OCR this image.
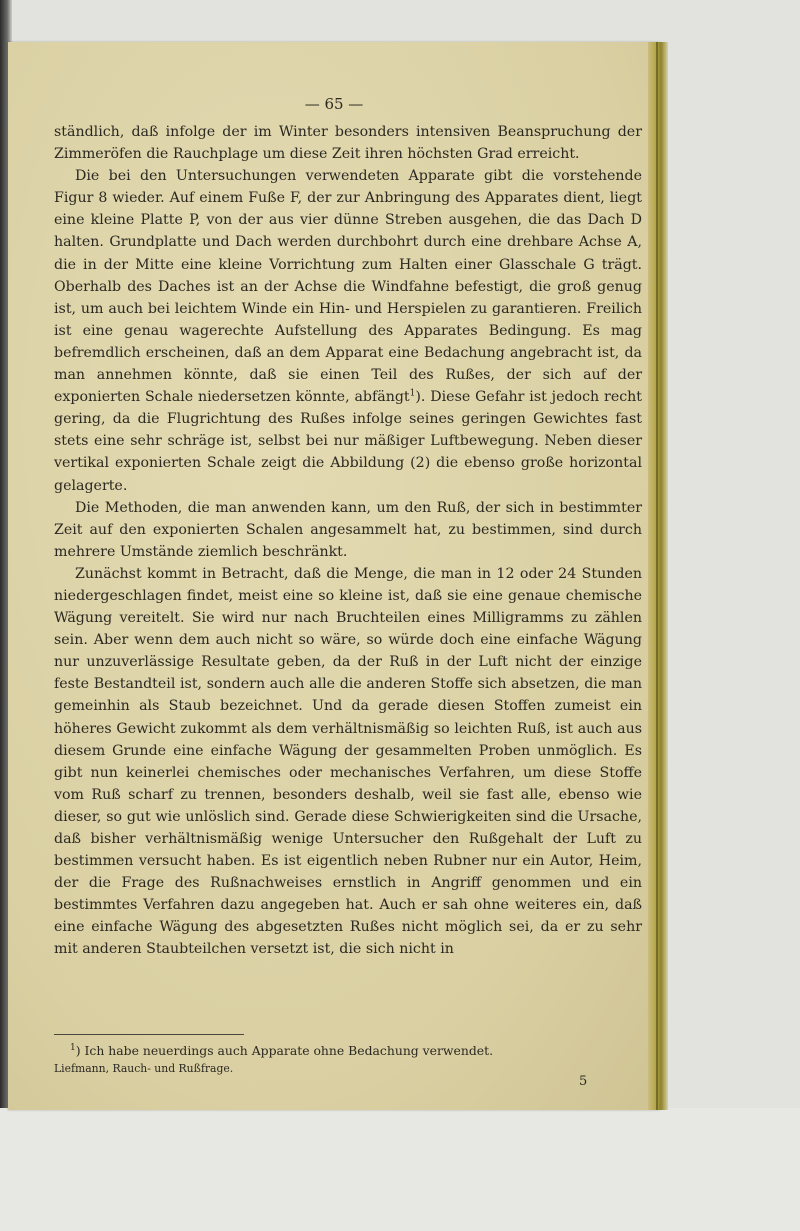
— 65 —

ständlich, daß infolge der im Winter besonders intensiven Beanspruchung der Zimmeröfen die Rauchplage um diese Zeit ihren höchsten Grad erreicht.

Die bei den Untersuchungen verwendeten Apparate gibt die vorstehende Figur 8 wieder. Auf einem Fuße F, der zur Anbringung des Apparates dient, liegt eine kleine Platte P, von der aus vier dünne Streben ausgehen, die das Dach D halten. Grundplatte und Dach werden durchbohrt durch eine drehbare Achse A, die in der Mitte eine kleine Vorrichtung zum Halten einer Glasschale G trägt. Oberhalb des Daches ist an der Achse die Windfahne befestigt, die groß genug ist, um auch bei leichtem Winde ein Hin- und Herspielen zu garantieren. Freilich ist eine genau wagerechte Aufstellung des Apparates Bedingung. Es mag befremdlich erscheinen, daß an dem Apparat eine Bedachung angebracht ist, da man annehmen könnte, daß sie einen Teil des Rußes, der sich auf der exponierten Schale niedersetzen könnte, abfängt$^1$). Diese Gefahr ist jedoch recht gering, da die Flugrichtung des Rußes infolge seines geringen Gewichtes fast stets eine sehr schräge ist, selbst bei nur mäßiger Luftbewegung. Neben dieser vertikal exponierten Schale zeigt die Abbildung (2) die ebenso große horizontal gelagerte.

Die Methoden, die man anwenden kann, um den Ruß, der sich in bestimmter Zeit auf den exponierten Schalen angesammelt hat, zu bestimmen, sind durch mehrere Umstände ziemlich beschränkt.

Zunächst kommt in Betracht, daß die Menge, die man in 12 oder 24 Stunden niedergeschlagen findet, meist eine so kleine ist, daß sie eine genaue chemische Wägung vereitelt. Sie wird nur nach Bruchteilen eines Milligramms zu zählen sein. Aber wenn dem auch nicht so wäre, so würde doch eine einfache Wägung nur unzuverlässige Resultate geben, da der Ruß in der Luft nicht der einzige feste Bestandteil ist, sondern auch alle die anderen Stoffe sich absetzen, die man gemeinhin als Staub bezeichnet. Und da gerade diesen Stoffen zumeist ein höheres Gewicht zukommt als dem verhältnismäßig so leichten Ruß, ist auch aus diesem Grunde eine einfache Wägung der gesammelten Proben unmöglich. Es gibt nun keinerlei chemisches oder mechanisches Verfahren, um diese Stoffe vom Ruß scharf zu trennen, besonders deshalb, weil sie fast alle, ebenso wie dieser, so gut wie unlöslich sind. Gerade diese Schwierigkeiten sind die Ursache, daß bisher verhältnismäßig wenige Untersucher den Rußgehalt der Luft zu bestimmen versucht haben. Es ist eigentlich neben Rubner nur ein Autor, Heim, der die Frage des Rußnachweises ernstlich in Angriff genommen und ein bestimmtes Verfahren dazu angegeben hat. Auch er sah ohne weiteres ein, daß eine einfache Wägung des abgesetzten Rußes nicht möglich sei, da er zu sehr mit anderen Staubteilchen versetzt ist, die sich nicht in

$^1$) Ich habe neuerdings auch Apparate ohne Bedachung verwendet.
Liefmann, Rauch- und Rußfrage.
5
